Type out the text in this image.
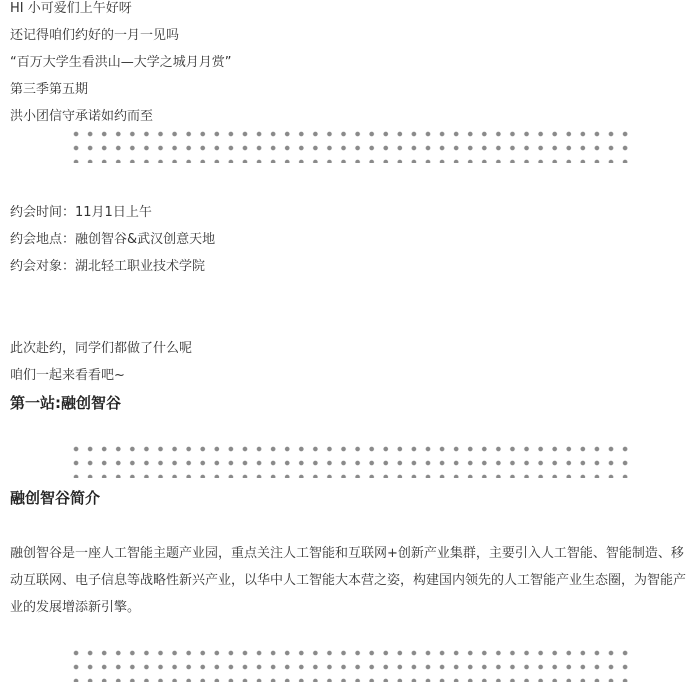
HI 小可爱们上午好呀
还记得咱们约好的一月一见吗
“百万大学生看洪山—大学之城月月赏”
第三季第五期
洪小团信守承诺如约而至
约会时间：11月1日上午
约会地点：融创智谷&武汉创意天地
约会对象：湖北轻工职业技术学院
此次赴约，同学们都做了什么呢
咱们一起来看看吧~
第一站:融创智谷
融创智谷简介
融创智谷是一座人工智能主题产业园，重点关注人工智能和互联网+创新产业集群，主要引入人工智能、智能制造、移动互联网、电子信息等战略性新兴产业，以华中人工智能大本营之姿，构建国内领先的人工智能产业生态圈，为智能产业的发展增添新引擎。
